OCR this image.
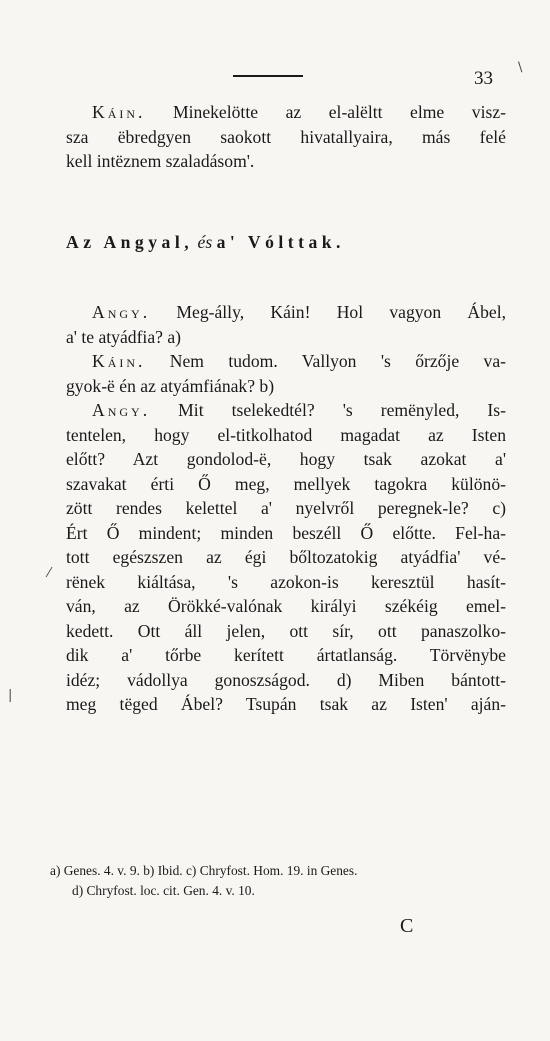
33
Káin. Minekelötte az el-alëltt elme visz-
sza ëbredgyen saokott hivatallyaira, más felé
kell intëznem szaladásom'.
Az Angyal, és a' Vólttak.
Angy. Meg-álly, Káin! Hol vagyon Ábel,
a' te atyádfia? a)
Káin. Nem tudom. Vallyon 's őrzője va-
gyok-ë én az atyámfiának? b)
Angy. Mit tselekedtél? 's remënyled, Is-
tentelen, hogy el-titkolhatod magadat az Isten
előtt? Azt gondolod-ë, hogy tsak azokat a'
szavakat érti Ő meg, mellyek tagokra különö-
zött rendes kelettel a' nyelvről peregnek-le? c)
Ért Ő mindent; minden beszéll Ő előtte. Fel-ha-
tott egészszen az égi bőltozatokig atyádfia' vé-
rënek kiáltása, 's azokon-is keresztül hasít-
ván, az Örökké-valónak királyi székéig emel-
kedett. Ott áll jelen, ott sír, ott panaszolko-
dik a' tőrbe kerített ártatlanság. Törvënybe
idéz; vádollya gonoszságod. d) Miben bántott-
meg tëged Ábel? Tsupán tsak az Isten' aján-
a) Genes. 4. v. 9. b) Ibid. c) Chryfost. Hom. 19. in Genes.
d) Chryfost. loc. cit. Gen. 4. v. 10.
C
\
⁄
|
